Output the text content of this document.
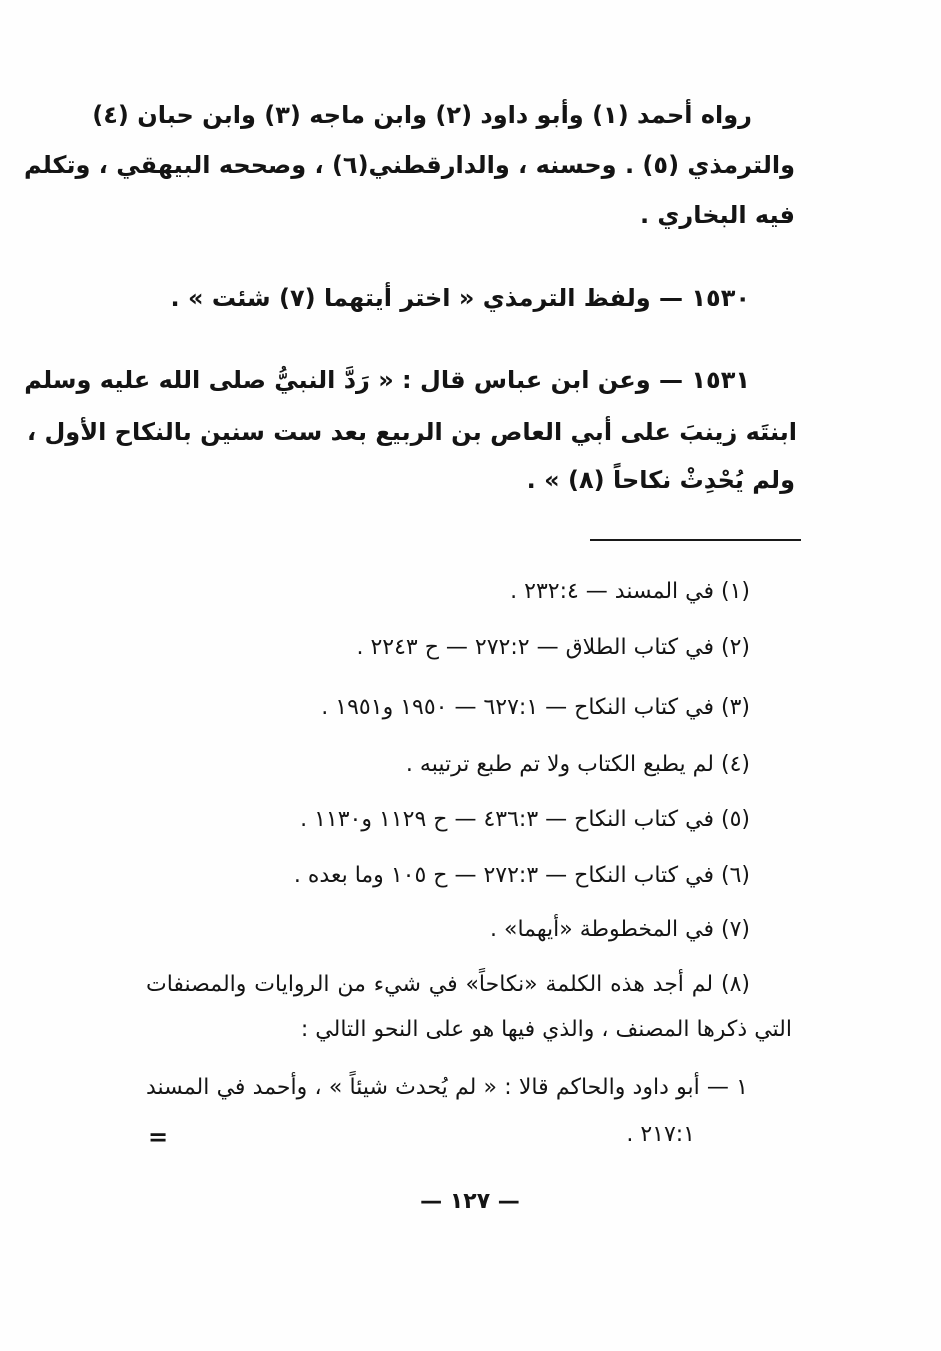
رواه أحمد (١) وأبو داود (٢) وابن ماجه (٣) وابن حبان (٤)
والترمذي (٥) . وحسنه ، والدارقطني(٦) ، وصححه البيهقي ، وتكلم
فيه البخاري .
١٥٣٠ — ولفظ الترمذي « اختر أيتهما (٧) شئت » .
١٥٣١ — وعن ابن عباس قال : « رَدَّ النبيُّ صلى الله عليه وسلم
ابنتَه زينبَ على أبي العاص بن الربيع بعد ست سنين بالنكاح الأول ،
ولم يُحْدِثْ نكاحاً (٨) » .
(١) في المسند — ٢٣٢:٤ .
(٢) في كتاب الطلاق — ٢٧٢:٢ — ح ٢٢٤٣ .
(٣) في كتاب النكاح — ٦٢٧:١ — ١٩٥٠ و١٩٥١ .
(٤) لم يطبع الكتاب ولا تم طبع ترتيبه .
(٥) في كتاب النكاح — ٤٣٦:٣ — ح ١١٢٩ و١١٣٠ .
(٦) في كتاب النكاح — ٢٧٢:٣ — ح ١٠٥ وما بعده .
(٧) في المخطوطة «أيهما» .
(٨) لم أجد هذه الكلمة «نكاحاً» في شيء من الروايات والمصنفات
التي ذكرها المصنف ، والذي فيها هو على النحو التالي :
١ — أبو داود والحاكم قالا : « لم يُحدث شيئاً » ، وأحمد في المسند
٢١٧:١ .
=
— ١٢٧ —
